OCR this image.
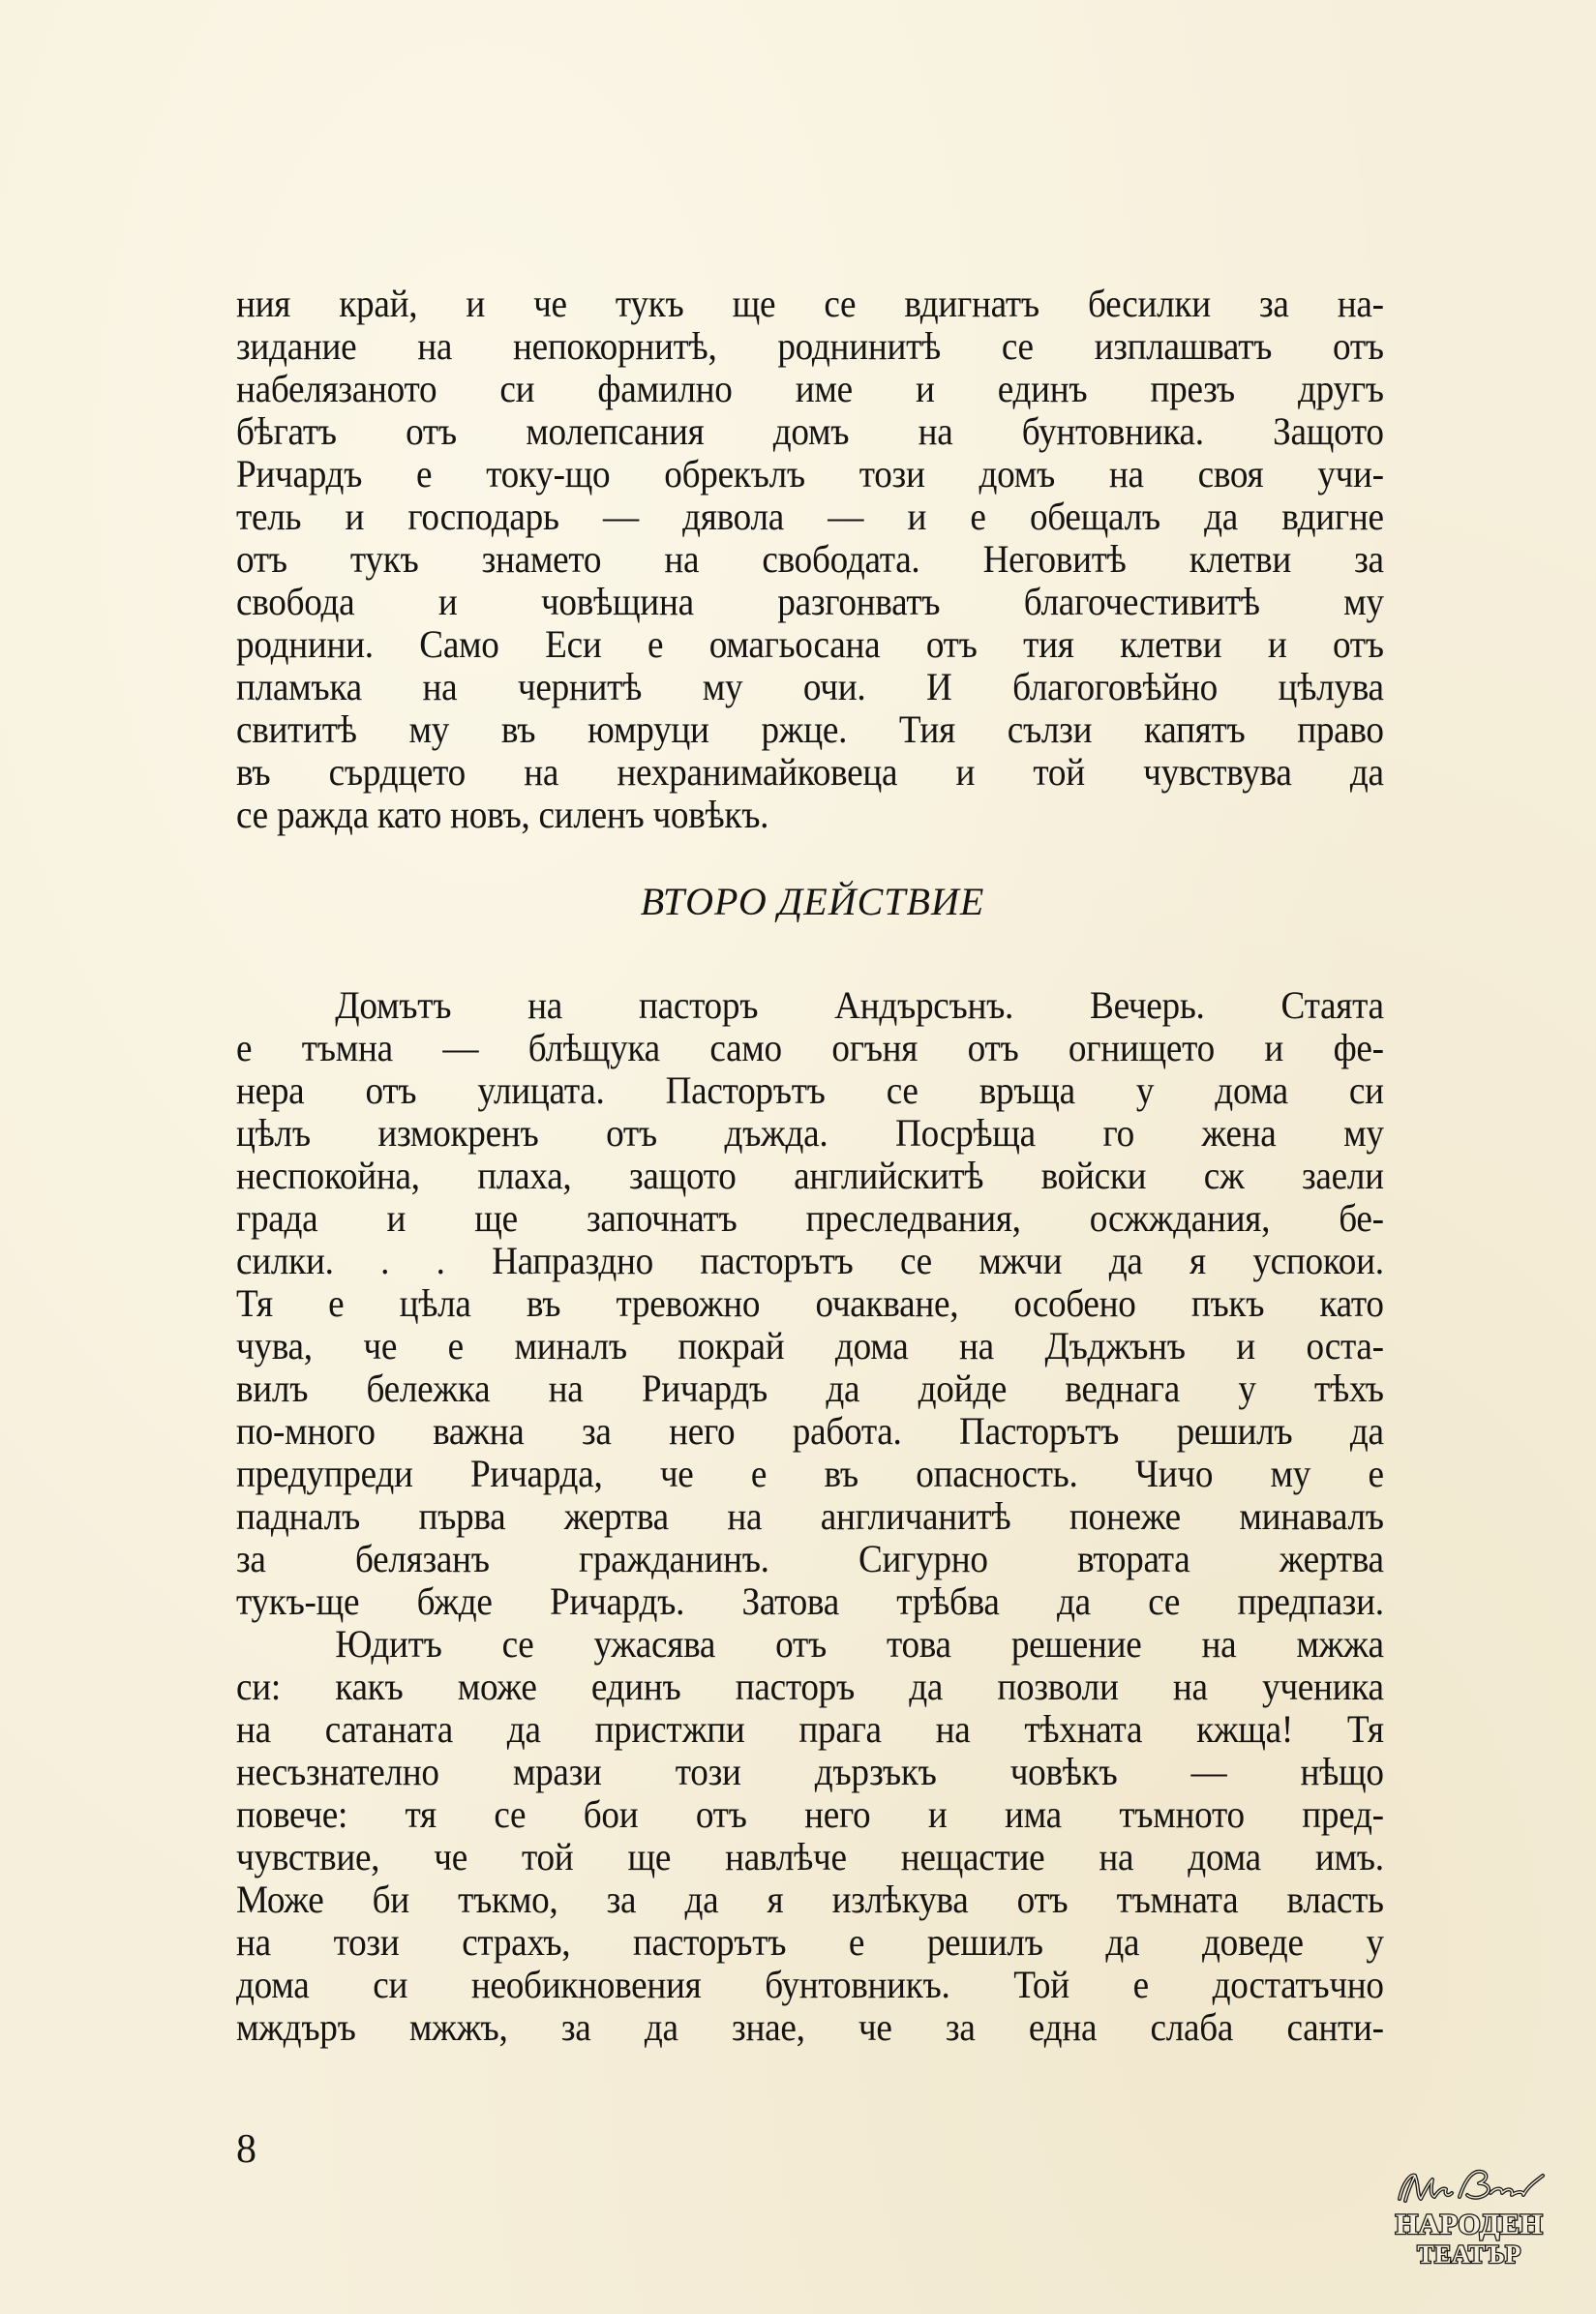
ния край, и че тукъ ще се вдигнатъ бесилки за на-
зидание на непокорнитѣ, роднинитѣ се изплашватъ отъ
набелязаното си фамилно име и единъ презъ другъ
бѣгатъ отъ молепсания домъ на бунтовника. Защото
Ричардъ е току-що обрекълъ този домъ на своя учи-
тель и господарь — дявола — и е обещалъ да вдигне
отъ тукъ знамето на свободата. Неговитѣ клетви за
свобода и човѣщина разгонватъ благочестивитѣ му
роднини. Само Еси е омагьосана отъ тия клетви и отъ
пламъка на чернитѣ му очи. И благоговѣйно цѣлува
свититѣ му въ юмруци ржце. Тия сълзи капятъ право
въ сърдцето на нехранимайковеца и той чувствува да
се ражда като новъ, силенъ човѣкъ.
ВТОРО ДЕЙСТВИЕ
Домътъ на пасторъ Андърсънъ. Вечерь. Стаята
е тъмна — блѣщука само огъня отъ огнището и фе-
нера отъ улицата. Пасторътъ се връща у дома си
цѣлъ измокренъ отъ дъжда. Посрѣща го жена му
неспокойна, плаха, защото английскитѣ войски сж заели
града и ще започнатъ преследвания, осжждания, бе-
силки. . . Напраздно пасторътъ се мжчи да я успокои.
Тя е цѣла въ тревожно очакване, особено пъкъ като
чува, че е миналъ покрай дома на Дъджънъ и оста-
вилъ бележка на Ричардъ да дойде веднага у тѣхъ
по-много важна за него работа. Пасторътъ решилъ да
предупреди Ричарда, че е въ опасность. Чичо му е
падналъ първа жертва на англичанитѣ понеже минавалъ
за белязанъ гражданинъ. Сигурно втората жертва
тукъ-ще бжде Ричардъ. Затова трѣбва да се предпази.
Юдитъ се ужасява отъ това решение на мжжа
си: какъ може единъ пасторъ да позволи на ученика
на сатаната да пристжпи прага на тѣхната кжща! Тя
несъзнателно мрази този дързъкъ човѣкъ — нѣщо
повече: тя се бои отъ него и има тъмното пред-
чувствие, че той ще навлѣче нещастие на дома имъ.
Може би тъкмо, за да я излѣкува отъ тъмната власть
на този страхъ, пасторътъ е решилъ да доведе у
дома си необикновения бунтовникъ. Той е достатъчно
мждъръ мжжъ, за да знае, че за една слаба санти-
8
НАРОДЕН
ТЕАТЪР
